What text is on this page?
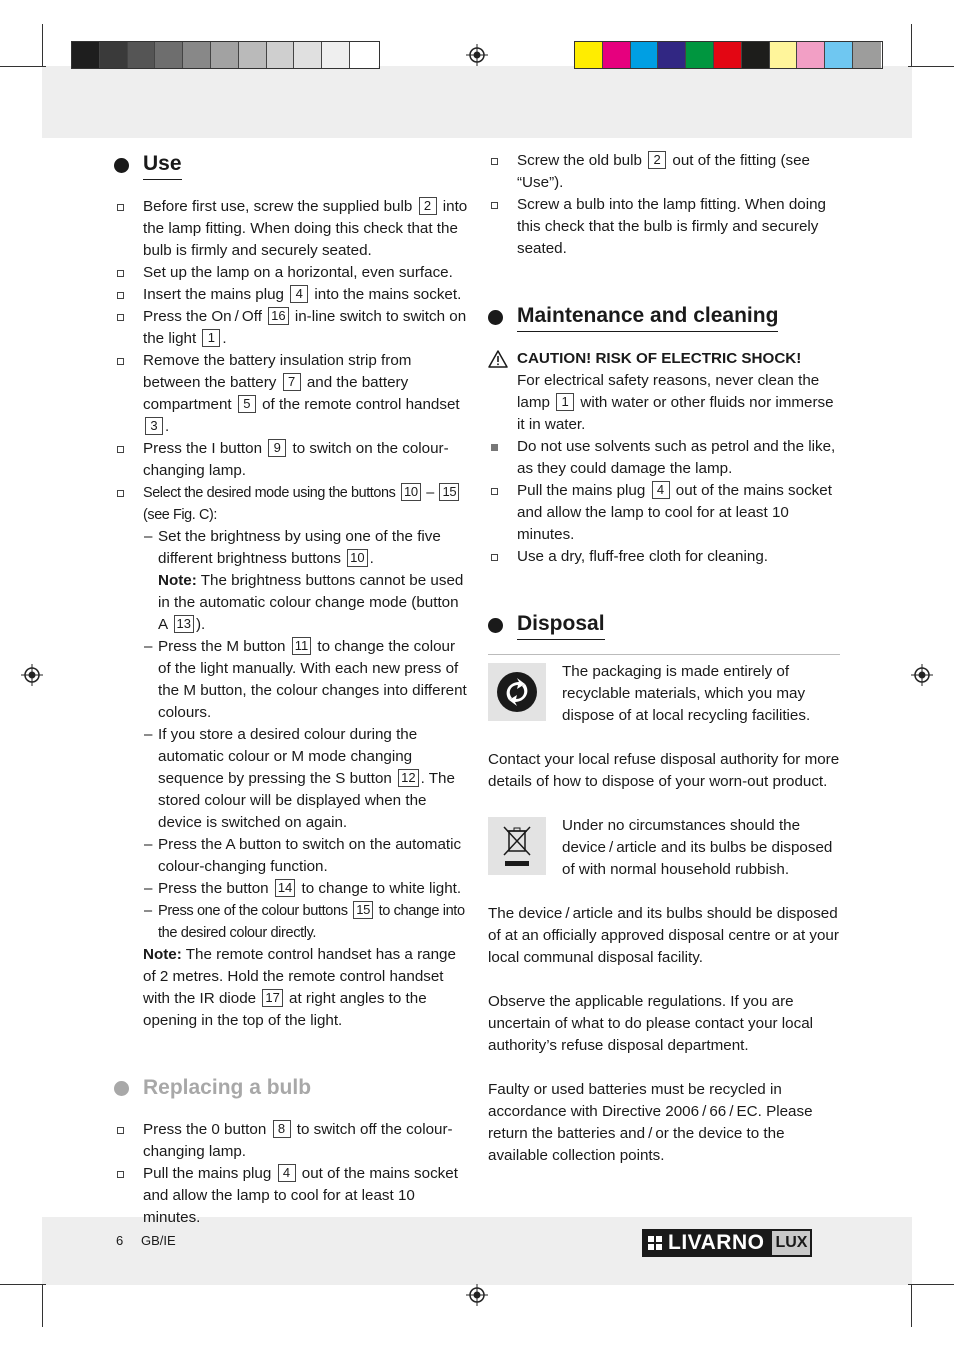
Use
Before first use, screw the supplied bulb 2 into the lamp fitting. When doing this check that the bulb is firmly and securely seated.
Set up the lamp on a horizontal, even surface.
Insert the mains plug 4 into the mains socket.
Press the On / Off 16 in-line switch to switch on the light 1 .
Remove the battery insulation strip from between the battery 7 and the battery compartment 5 of the remote control handset 3 .
Press the I button 9 to switch on the colour-changing lamp.
Select the desired mode using the buttons 10 – 15 (see Fig. C):
– Set the brightness by using one of the five different brightness buttons 10 .
Note: The brightness buttons cannot be used in the automatic colour change mode (button A 13 ).
– Press the M button 11 to change the colour of the light manually. With each new press of the M button, the colour changes into different colours.
– If you store a desired colour during the automatic colour or M mode changing sequence by pressing the S button 12 . The stored colour will be displayed when the device is switched on again.
– Press the A button to switch on the automatic colour-changing function.
– Press the button 14 to change to white light.
– Press one of the colour buttons 15 to change into the desired colour directly.
Note: The remote control handset has a range of 2 metres. Hold the remote control handset with the IR diode 17 at right angles to the opening in the top of the light.
Replacing a bulb
Press the 0 button 8 to switch off the colour-changing lamp.
Pull the mains plug 4 out of the mains socket and allow the lamp to cool for at least 10 minutes.
Screw the old bulb 2 out of the fitting (see “Use”).
Screw a bulb into the lamp fitting. When doing this check that the bulb is firmly and securely seated.
Maintenance and cleaning
CAUTION! RISK OF ELECTRIC SHOCK!
For electrical safety reasons, never clean the lamp 1 with water or other fluids nor immerse it in water.
Do not use solvents such as petrol and the like, as they could damage the lamp.
Pull the mains plug 4 out of the mains socket and allow the lamp to cool for at least 10 minutes.
Use a dry, fluff-free cloth for cleaning.
Disposal
The packaging is made entirely of recyclable materials, which you may dispose of at local recycling facilities.
Contact your local refuse disposal authority for more details of how to dispose of your worn-out product.
Under no circumstances should the device / article and its bulbs be disposed of with normal household rubbish.
The device / article and its bulbs should be disposed of at an officially approved disposal centre or at your local communal disposal facility.
Observe the applicable regulations. If you are uncertain of what to do please contact your local authority’s refuse disposal department.
Faulty or used batteries must be recycled in accordance with Directive 2006 / 66 / EC. Please return the batteries and / or the device to the available collection points.
6 GB/IE	LIVARNO LUX
